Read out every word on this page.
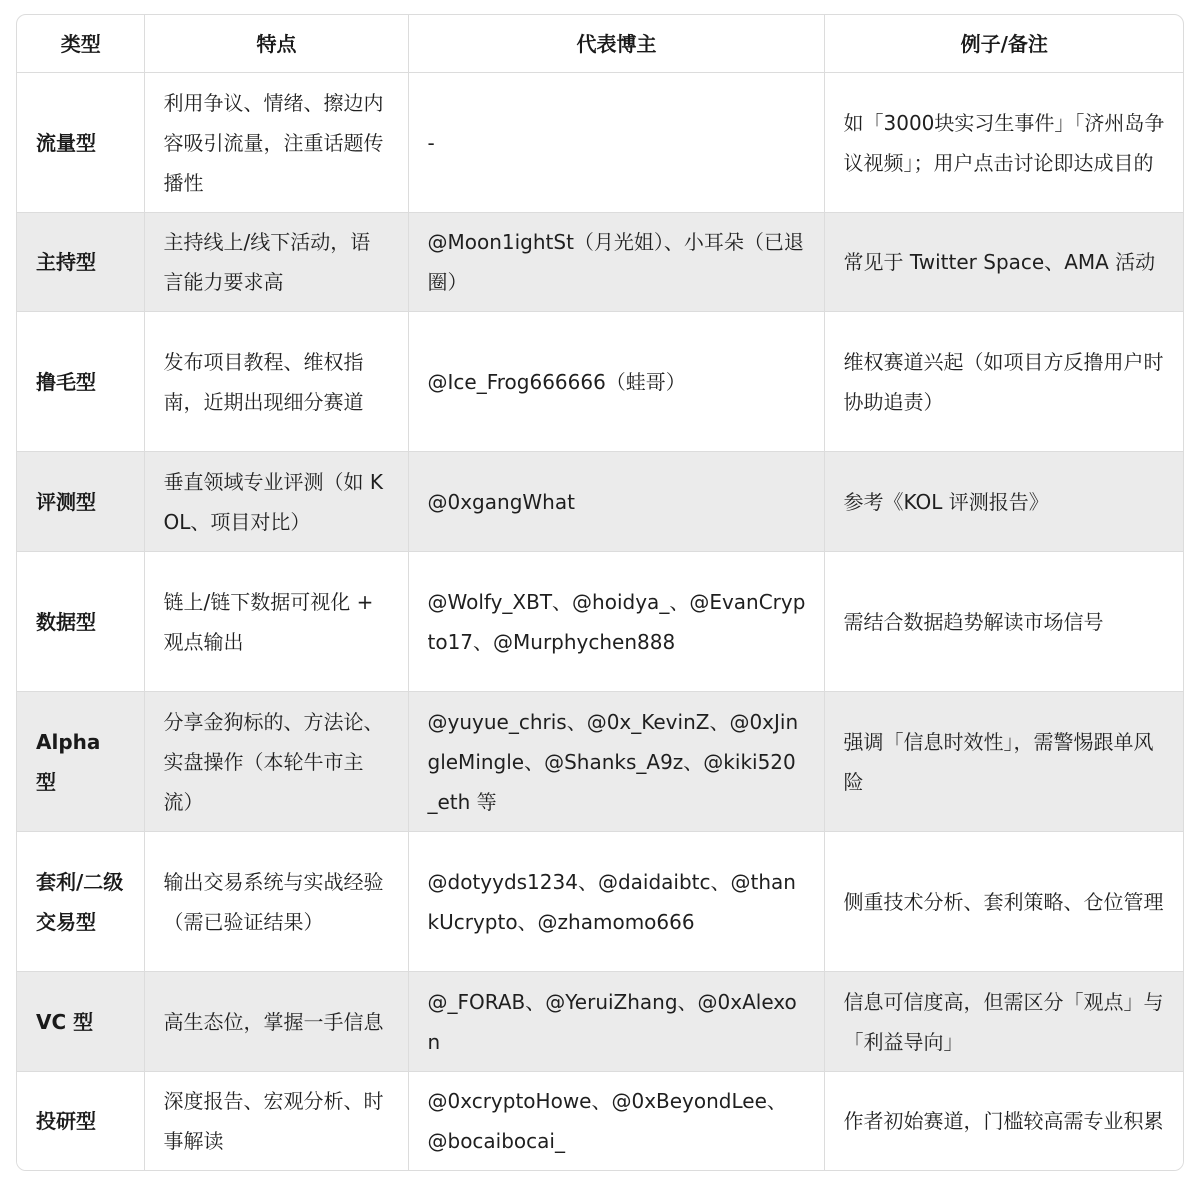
类型	特点	代表博主	例子/备注
流量型	利用争议、情绪、擦边内容吸引流量，注重话题传播性	-	如「3000块实习生事件」「济州岛争议视频」；用户点击讨论即达成目的
主持型	主持线上/线下活动，语言能力要求高	@Moon1ightSt（月光姐）、小耳朵（已退圈）	常见于 Twitter Space、AMA 活动
撸毛型	发布项目教程、维权指南，近期出现细分赛道	@Ice_Frog666666（蛙哥）	维权赛道兴起（如项目方反撸用户时协助追责）
评测型	垂直领域专业评测（如 KOL、项目对比）	@0xgangWhat	参考《KOL 评测报告》
数据型	链上/链下数据可视化 + 观点输出	@Wolfy_XBT、@hoidya_、@EvanCrypto17、@Murphychen888	需结合数据趋势解读市场信号
Alpha 型	分享金狗标的、方法论、实盘操作（本轮牛市主流）	@yuyue_chris、@0x_KevinZ、@0xJingleMingle、@Shanks_A9z、@kiki520_eth 等	强调「信息时效性」，需警惕跟单风险
套利/二级交易型	输出交易系统与实战经验（需已验证结果）	@dotyyds1234、@daidaibtc、@thankUcrypto、@zhamomo666	侧重技术分析、套利策略、仓位管理
VC 型	高生态位，掌握一手信息	@_FORAB、@YeruiZhang、@0xAlexon	信息可信度高，但需区分「观点」与「利益导向」
投研型	深度报告、宏观分析、时事解读	@0xcryptoHowe、@0xBeyondLee、@bocaibocai_	作者初始赛道，门槛较高需专业积累
